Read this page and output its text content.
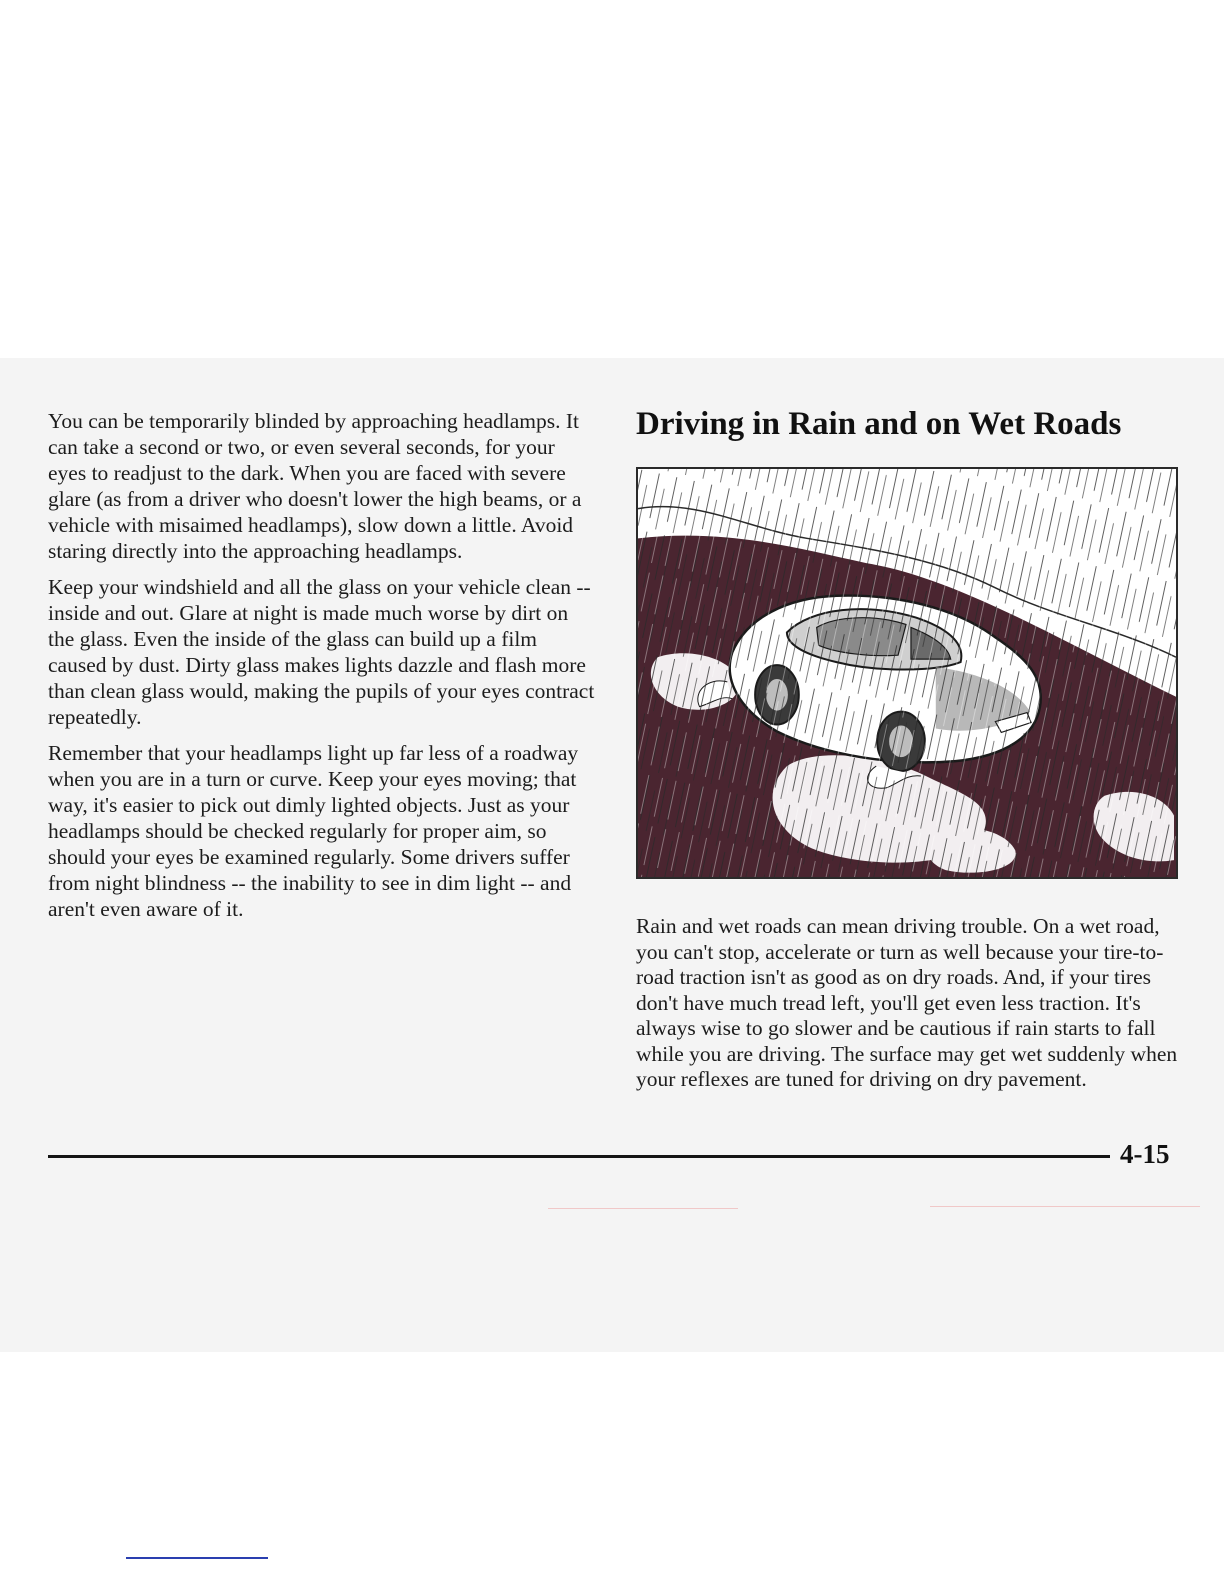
You can be temporarily blinded by approaching headlamps. It can take a second or two, or even several seconds, for your eyes to readjust to the dark. When you are faced with severe glare (as from a driver who doesn't lower the high beams, or a vehicle with misaimed headlamps), slow down a little. Avoid staring directly into the approaching headlamps.

Keep your windshield and all the glass on your vehicle clean -- inside and out. Glare at night is made much worse by dirt on the glass. Even the inside of the glass can build up a film caused by dust. Dirty glass makes lights dazzle and flash more than clean glass would, making the pupils of your eyes contract repeatedly.

Remember that your headlamps light up far less of a roadway when you are in a turn or curve. Keep your eyes moving; that way, it's easier to pick out dimly lighted objects. Just as your headlamps should be checked regularly for proper aim, so should your eyes be examined regularly. Some drivers suffer from night blindness -- the inability to see in dim light -- and aren't even aware of it.

Driving in Rain and on Wet Roads

Rain and wet roads can mean driving trouble. On a wet road, you can't stop, accelerate or turn as well because your tire-to-road traction isn't as good as on dry roads. And, if your tires don't have much tread left, you'll get even less traction. It's always wise to go slower and be cautious if rain starts to fall while you are driving. The surface may get wet suddenly when your reflexes are tuned for driving on dry pavement.

4-15
